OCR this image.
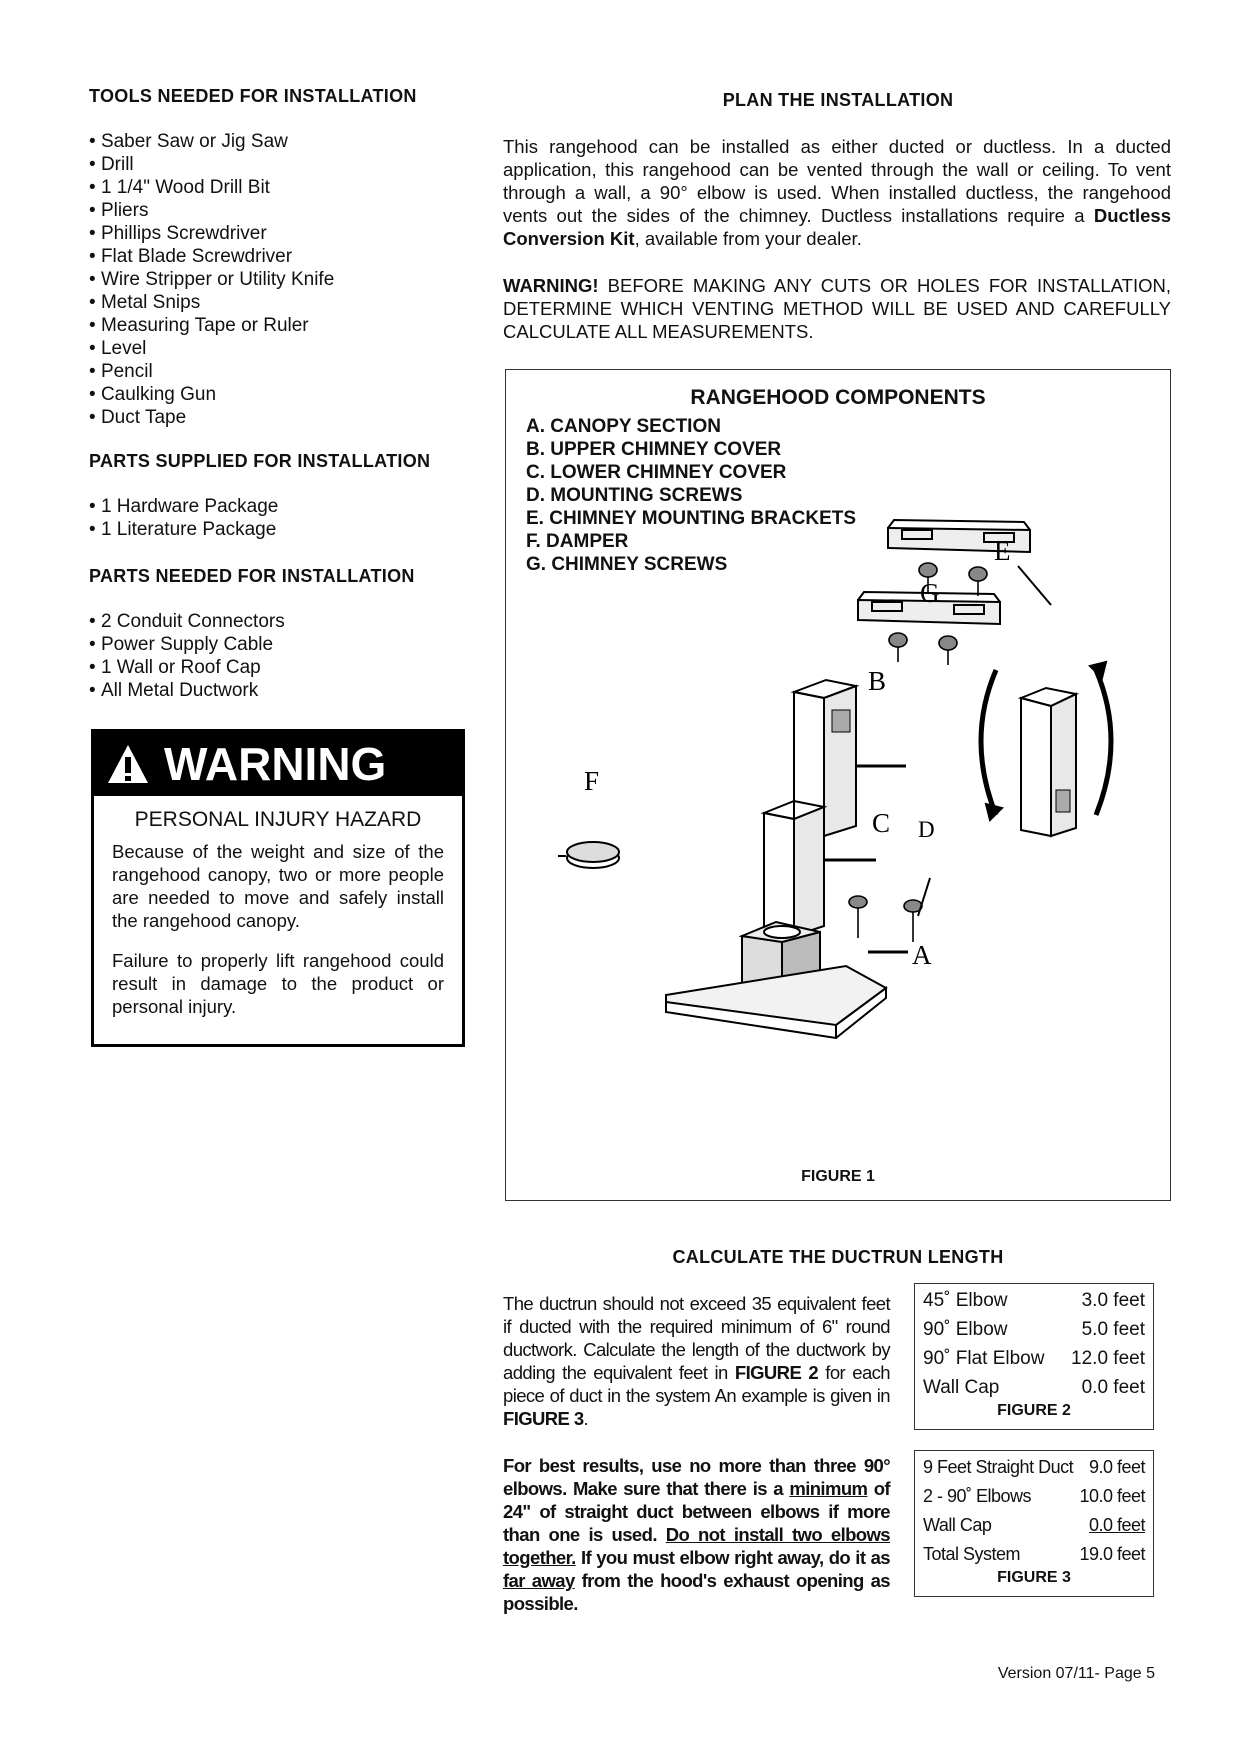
TOOLS NEEDED FOR INSTALLATION
• Saber Saw or Jig Saw
• Drill
• 1 1/4" Wood Drill Bit
• Pliers
• Phillips Screwdriver
• Flat Blade Screwdriver
• Wire Stripper or Utility Knife
• Metal Snips
• Measuring Tape or Ruler
• Level
• Pencil
• Caulking Gun
• Duct Tape
PARTS SUPPLIED FOR INSTALLATION
• 1 Hardware Package
• 1 Literature Package
PARTS NEEDED FOR INSTALLATION
• 2 Conduit Connectors
• Power Supply Cable
• 1 Wall or Roof Cap
• All Metal Ductwork
WARNING
PERSONAL INJURY HAZARD

Because of the weight and size of the rangehood canopy, two or more people are needed to move and safely install the rangehood canopy.

Failure to properly lift rangehood could result in damage to the product or personal injury.

PLAN THE INSTALLATION

This rangehood can be installed as either ducted or ductless. In a ducted application, this rangehood can be vented through the wall or ceiling. To vent through a wall, a 90° elbow is used. When installed ductless, the rangehood vents out the sides of the chimney. Ductless installations require a Ductless Conversion Kit, available from your dealer.

WARNING! BEFORE MAKING ANY CUTS OR HOLES FOR INSTALLATION, DETERMINE WHICH VENTING METHOD WILL BE USED AND CAREFULLY CALCULATE ALL MEASUREMENTS.

RANGEHOOD COMPONENTS
A. CANOPY SECTION
B. UPPER CHIMNEY COVER
C. LOWER CHIMNEY COVER
D. MOUNTING SCREWS
E. CHIMNEY MOUNTING BRACKETS
F. DAMPER
G. CHIMNEY SCREWS	E
G
B
F
C D
A
FIGURE 1
CALCULATE THE DUCTRUN LENGTH

The ductrun should not exceed 35 equivalent feet if ducted with the required minimum of 6" round ductwork. Calculate the length of the ductwork by adding the equivalent feet in FIGURE 2 for each piece of duct in the system An example is given in FIGURE 3.

For best results, use no more than three 90° elbows. Make sure that there is a minimum of 24" of straight duct between elbows if more than one is used. Do not install two elbows together. If you must elbow right away, do it as far away from the hood's exhaust opening as possible.

45˚ Elbow	3.0 feet
90˚ Elbow	5.0 feet
90˚ Flat Elbow 12.0 feet
Wall Cap	0.0 feet
FIGURE 2
9 Feet Straight Duct 9.0 feet
2 - 90˚ Elbows	10.0 feet
Wall Cap	0.0 feet
Total System	19.0 feet
FIGURE 3
Version 07/11- Page 5
